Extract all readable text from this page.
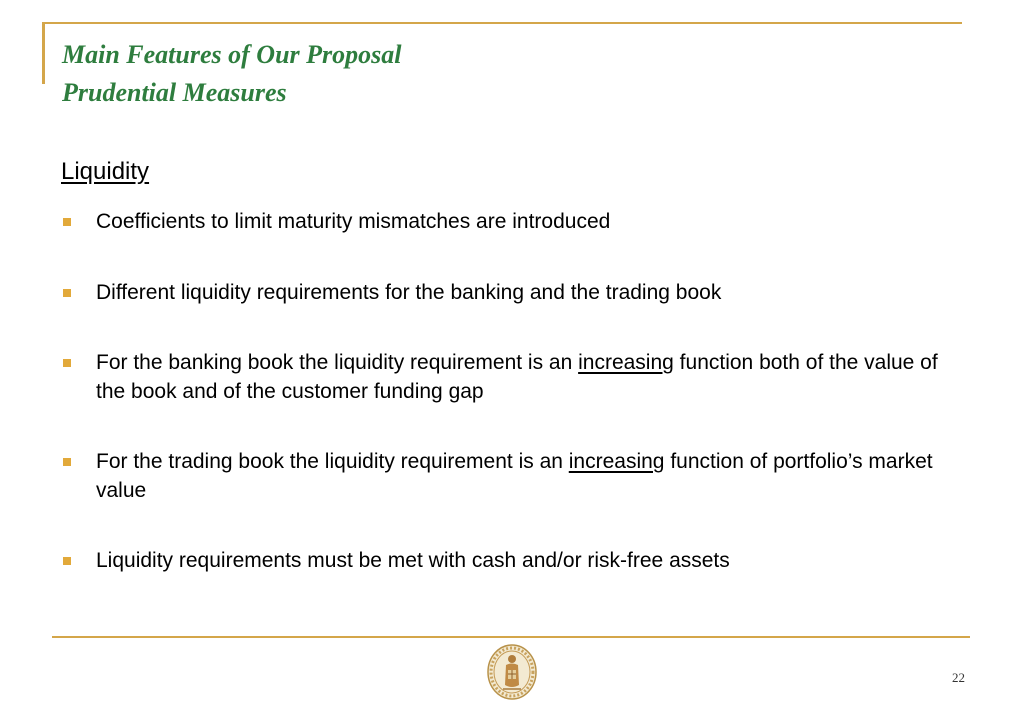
Main Features of Our Proposal
Prudential Measures
Liquidity
Coefficients to limit maturity mismatches are introduced
Different liquidity requirements for the banking and the trading book
For the banking book the liquidity requirement is an increasing function both of the value of the book and of the customer funding gap
For the trading book the liquidity requirement is an increasing function of portfolio’s market value
Liquidity requirements must be met with cash and/or risk-free assets
22
